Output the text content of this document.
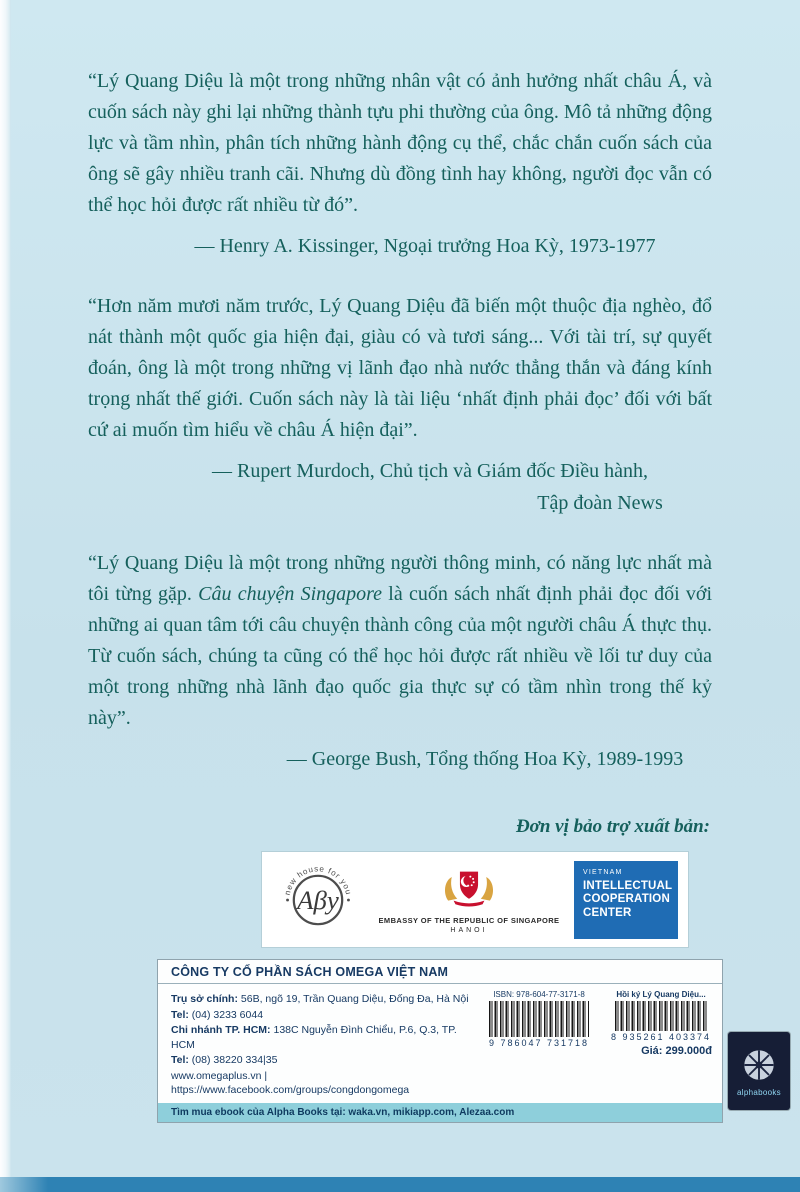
“Lý Quang Diệu là một trong những nhân vật có ảnh hưởng nhất châu Á, và cuốn sách này ghi lại những thành tựu phi thường của ông. Mô tả những động lực và tầm nhìn, phân tích những hành động cụ thể, chắc chắn cuốn sách của ông sẽ gây nhiều tranh cãi. Nhưng dù đồng tình hay không, người đọc vẫn có thể học hỏi được rất nhiều từ đó”.

— Henry A. Kissinger, Ngoại trưởng Hoa Kỳ, 1973-1977

“Hơn năm mươi năm trước, Lý Quang Diệu đã biến một thuộc địa nghèo, đổ nát thành một quốc gia hiện đại, giàu có và tươi sáng... Với tài trí, sự quyết đoán, ông là một trong những vị lãnh đạo nhà nước thẳng thắn và đáng kính trọng nhất thế giới. Cuốn sách này là tài liệu ‘nhất định phải đọc’ đối với bất cứ ai muốn tìm hiểu về châu Á hiện đại”.

— Rupert Murdoch, Chủ tịch và Giám đốc Điều hành,

Tập đoàn News

“Lý Quang Diệu là một trong những người thông minh, có năng lực nhất mà tôi từng gặp. Câu chuyện Singapore là cuốn sách nhất định phải đọc đối với những ai quan tâm tới câu chuyện thành công của một người châu Á thực thụ. Từ cuốn sách, chúng ta cũng có thể học hỏi được rất nhiều về lối tư duy của một trong những nhà lãnh đạo quốc gia thực sự có tầm nhìn trong thế kỷ này”.

— George Bush, Tổng thống Hoa Kỳ, 1989-1993

Đơn vị bảo trợ xuất bản:

new house for you
Aβy
EMBASSY OF THE REPUBLIC OF SINGAPORE
HANOI
VIETNAM
INTELLECTUAL
COOPERATION
CENTER
CÔNG TY CỔ PHẦN SÁCH OMEGA VIỆT NAM

Trụ sở chính: 56B, ngõ 19, Trần Quang Diệu, Đống Đa, Hà Nội

Tel: (04) 3233 6044

Chi nhánh TP. HCM: 138C Nguyễn Đình Chiểu, P.6, Q.3, TP. HCM

Tel: (08) 38220 334|35

www.omegaplus.vn | https://www.facebook.com/groups/congdongomega

ISBN: 978-604-77-3171-8
9 786047 731718
Hồi ký Lý Quang Diệu...
8 935261 403374
Giá: 299.000đ
Tìm mua ebook của Alpha Books tại: waka.vn, mikiapp.com, Alezaa.com
alphabooks
